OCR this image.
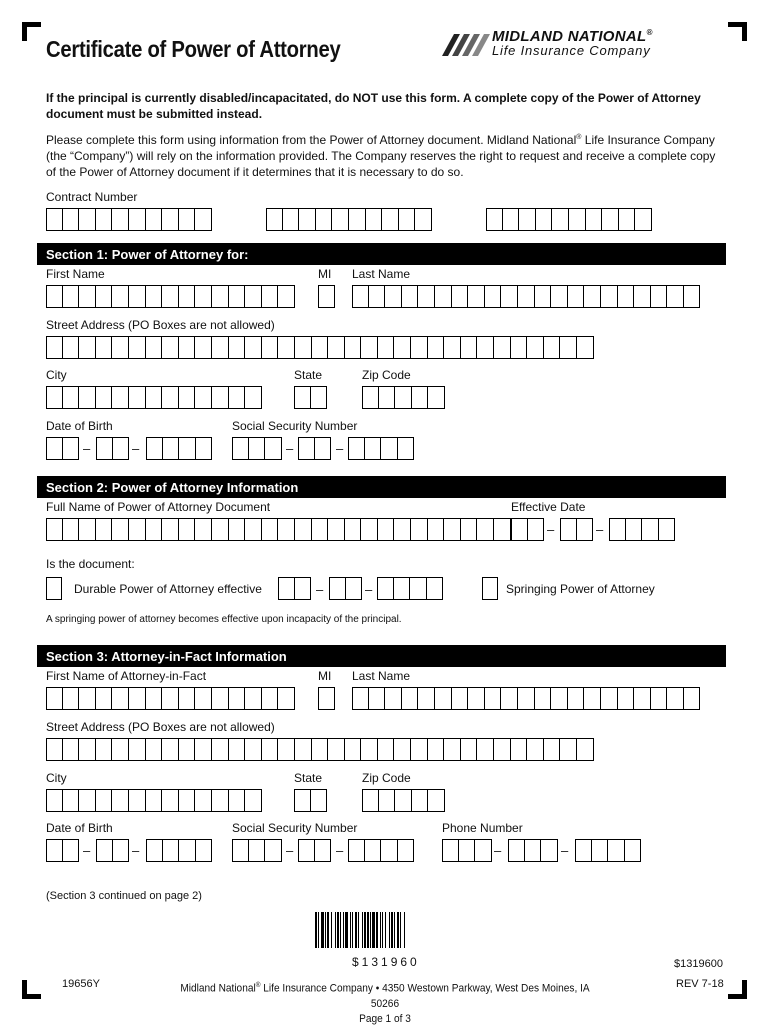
Certificate of Power of Attorney	MIDLAND NATIONAL®
Life Insurance Company
If the principal is currently disabled/incapacitated, do NOT use this form. A complete copy of the Power of Attorney document must be submitted instead.
Please complete this form using information from the Power of Attorney document. Midland National® Life Insurance Company (the “Company”) will rely on the information provided. The Company reserves the right to request and receive a complete copy of the Power of Attorney document if it determines that it is necessary to do so.
Contract Number
Section 1: Power of Attorney for:
First Name	MI Last Name
Street Address (PO Boxes are not allowed)
City	State	Zip Code
Date of Birth	Social Security Number
–	–	–	–
Section 2: Power of Attorney Information
Full Name of Power of Attorney Document	Effective Date
–	–
Is the document:
Durable Power of Attorney effective	–	–	Springing Power of Attorney
A springing power of attorney becomes effective upon incapacity of the principal.
Section 3: Attorney-in-Fact Information
First Name of Attorney-in-Fact	MI Last Name
Street Address (PO Boxes are not allowed)
City	State	Zip Code
Date of Birth	Social Security Number	Phone Number
–	–	–	–	–	–
(Section 3 continued on page 2)
$131960	$1319600
19656Y	Midland National® Life Insurance Company • 4350 Westown Parkway, West Des Moines, IA 50266
Page 1 of 3
REV 7-18
